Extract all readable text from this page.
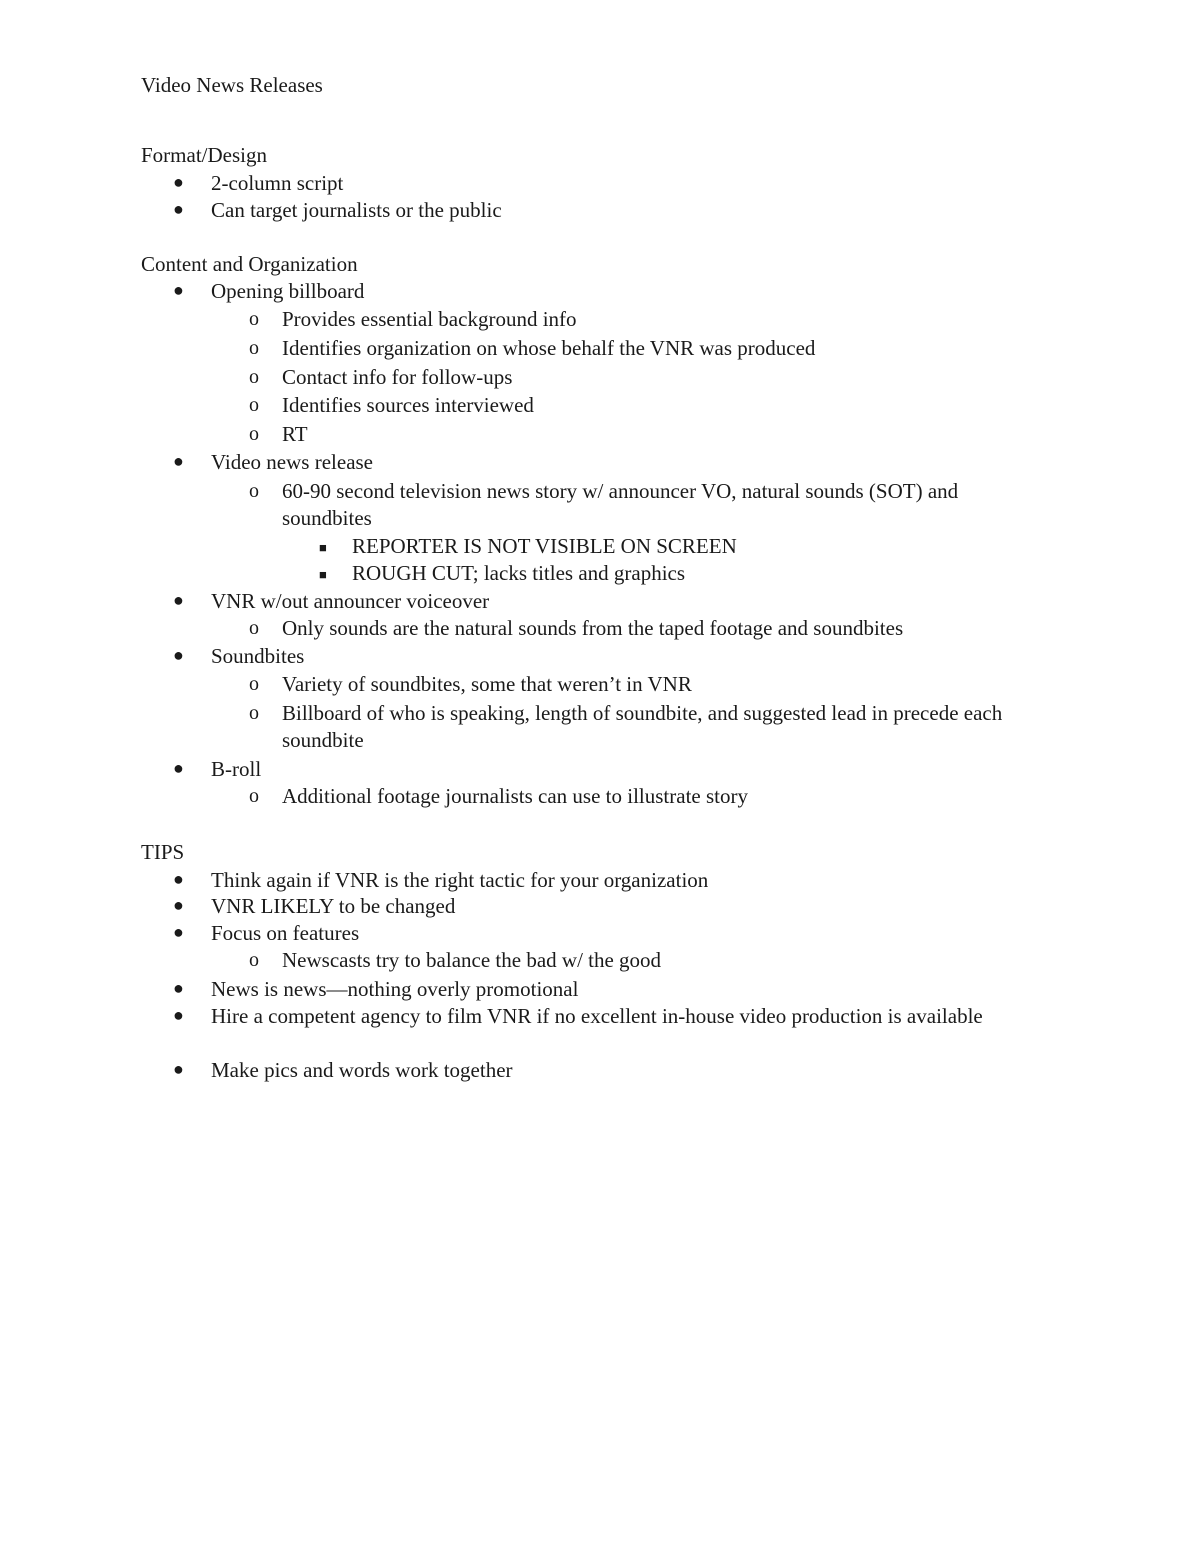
Video News Releases
Format/Design
● 2-column script
● Can target journalists or the public
Content and Organization
● Opening billboard
o Provides essential background info
o Identifies organization on whose behalf the VNR was produced
o Contact info for follow-ups
o Identifies sources interviewed
o RT
● Video news release
o 60-90 second television news story w/ announcer VO, natural sounds (SOT) and soundbites
■ REPORTER IS NOT VISIBLE ON SCREEN
■ ROUGH CUT; lacks titles and graphics
● VNR w/out announcer voiceover
o Only sounds are the natural sounds from the taped footage and soundbites
● Soundbites
o Variety of soundbites, some that weren’t in VNR
o Billboard of who is speaking, length of soundbite, and suggested lead in precede each soundbite
● B-roll
o Additional footage journalists can use to illustrate story
TIPS
● Think again if VNR is the right tactic for your organization
● VNR LIKELY to be changed
● Focus on features
o Newscasts try to balance the bad w/ the good
● News is news—nothing overly promotional
● Hire a competent agency to film VNR if no excellent in-house video production is available
● Make pics and words work together
